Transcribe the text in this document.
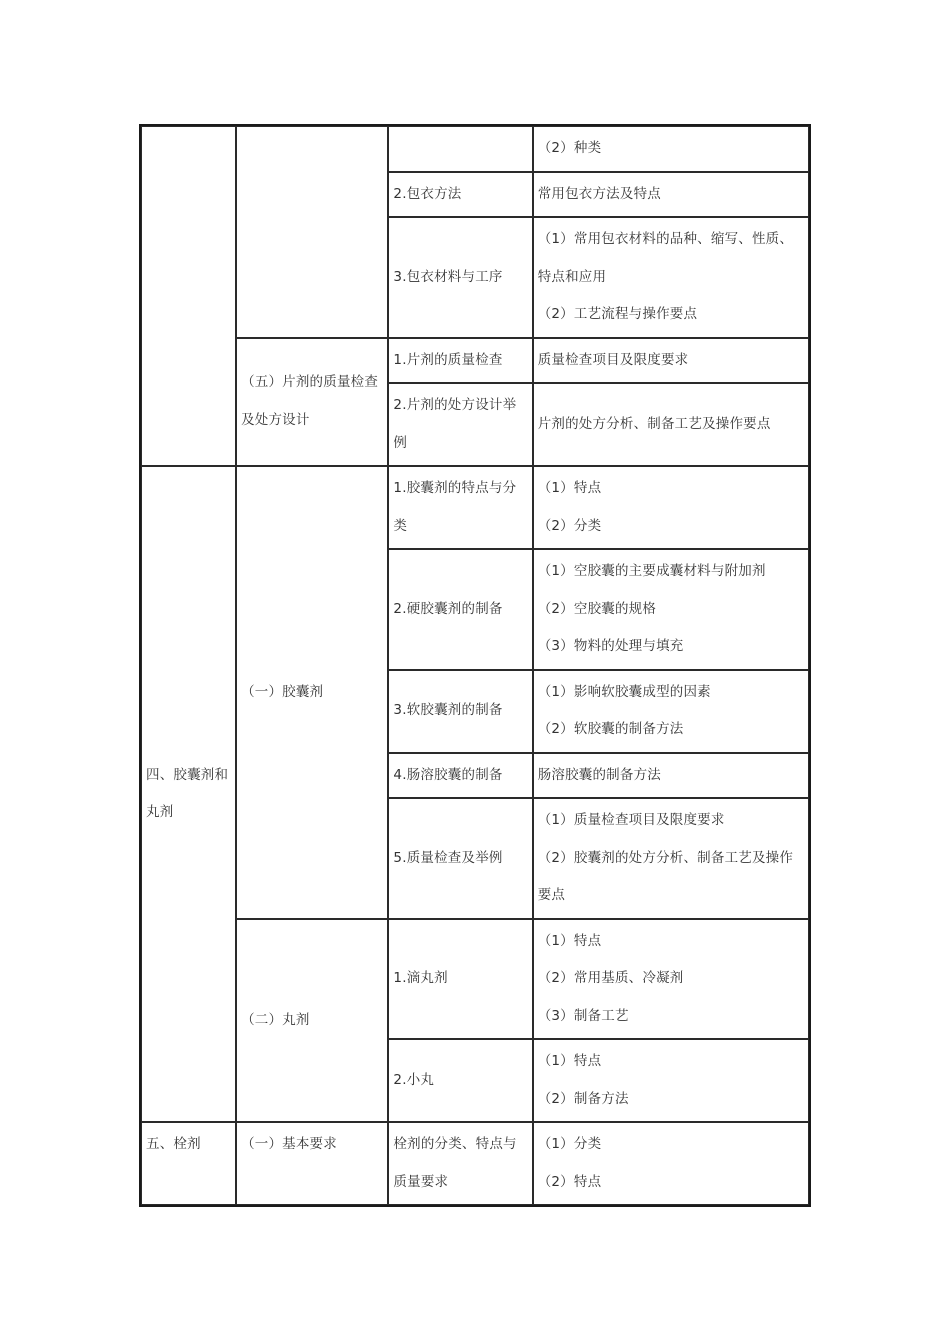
			（2）种类

		2.包衣方法	常用包衣方法及特点

		3.包衣材料与工序	（1）常用包衣材料的品种、缩写、性质、特点和应用
（2）工艺流程与操作要点

	（五）片剂的质量检查及处方设计	1.片剂的质量检查	质量检查项目及限度要求

		2.片剂的处方设计举例	片剂的处方分析、制备工艺及操作要点

四、胶囊剂和丸剂	（一）胶囊剂	1.胶囊剂的特点与分类	（1）特点
（2）分类

		2.硬胶囊剂的制备	（1）空胶囊的主要成囊材料与附加剂
（2）空胶囊的规格
（3）物料的处理与填充

		3.软胶囊剂的制备	（1）影响软胶囊成型的因素
（2）软胶囊的制备方法

		4.肠溶胶囊的制备	肠溶胶囊的制备方法

		5.质量检查及举例	（1）质量检查项目及限度要求
（2）胶囊剂的处方分析、制备工艺及操作要点
	（二）丸剂	1.滴丸剂	（1）特点
（2）常用基质、冷凝剂
（3）制备工艺

		2.小丸	（1）特点
（2）制备方法

五、栓剂	（一）基本要求	栓剂的分类、特点与质量要求	（1）分类
（2）特点
